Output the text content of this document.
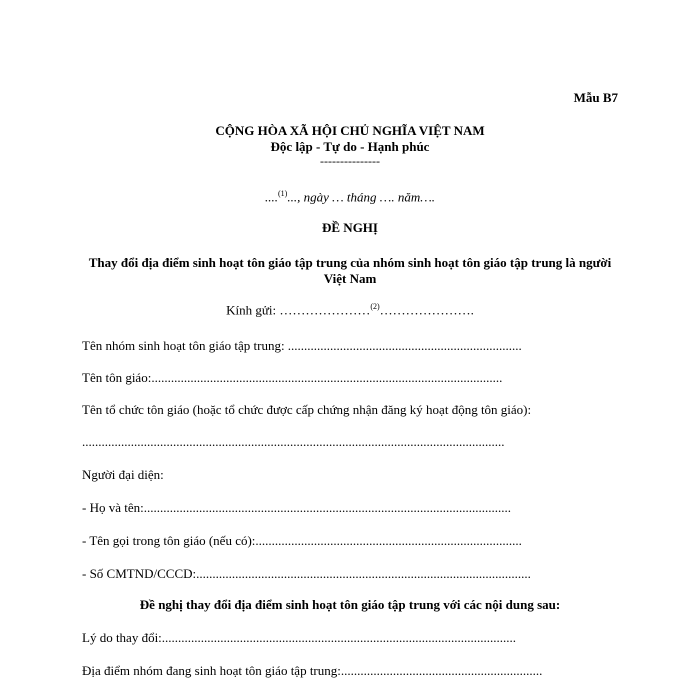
Mẫu B7
CỘNG HÒA XÃ HỘI CHỦ NGHĨA VIỆT NAM
Độc lập - Tự do - Hạnh phúc
---------------
....$^{(1)}$..., ngày … tháng …. năm….
ĐỀ NGHỊ
Thay đổi địa điểm sinh hoạt tôn giáo tập trung của nhóm sinh hoạt tôn giáo tập trung là người Việt Nam
Kính gửi: …………………$^{(2)}$………………….
Tên nhóm sinh hoạt tôn giáo tập trung: ........................................................................
Tên tôn giáo:............................................................................................................
Tên tổ chức tôn giáo (hoặc tổ chức được cấp chứng nhận đăng ký hoạt động tôn giáo):
..................................................................................................................................
Người đại diện:
- Họ và tên:.................................................................................................................
- Tên gọi trong tôn giáo (nếu có):..................................................................................
- Số CMTND/CCCD:.......................................................................................................
Đề nghị thay đổi địa điểm sinh hoạt tôn giáo tập trung với các nội dung sau:
Lý do thay đổi:.............................................................................................................
Địa điểm nhóm đang sinh hoạt tôn giáo tập trung:..............................................................
